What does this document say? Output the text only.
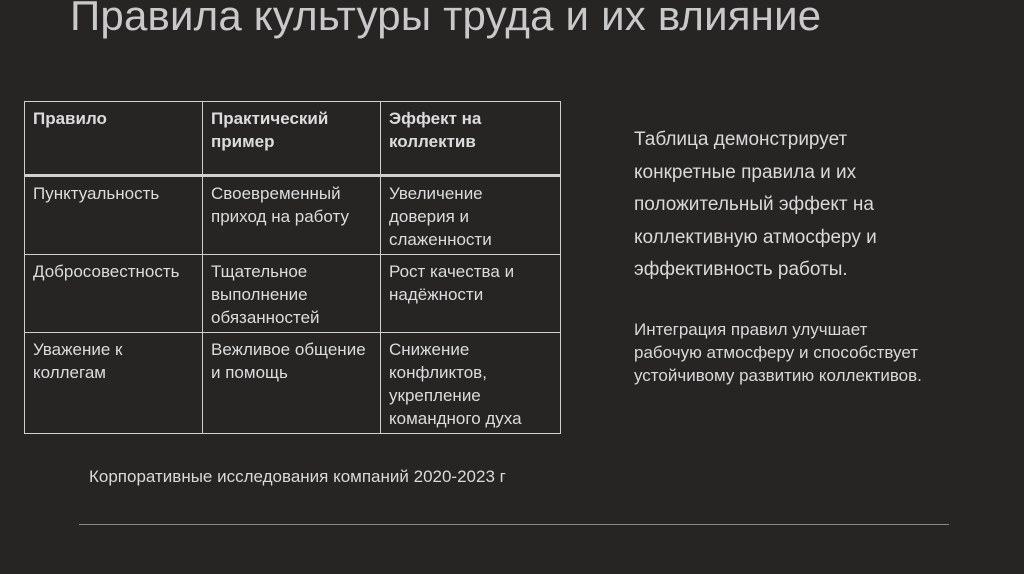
Правила культуры труда и их влияние
Правило	Практический пример	Эффект на коллектив
Пунктуальность	Своевременный приход на работу	Увеличение доверия и слаженности
Добросовестность	Тщательное выполнение обязанностей	Рост качества и надёжности
Уважение к коллегам	Вежливое общение и помощь	Снижение конфликтов, укрепление командного духа

Таблица демонстрирует конкретные правила и их положительный эффект на коллективную атмосферу и эффективность работы.

Интеграция правил улучшает рабочую атмосферу и способствует устойчивому развитию коллективов.

Корпоративные исследования компаний 2020-2023 г
